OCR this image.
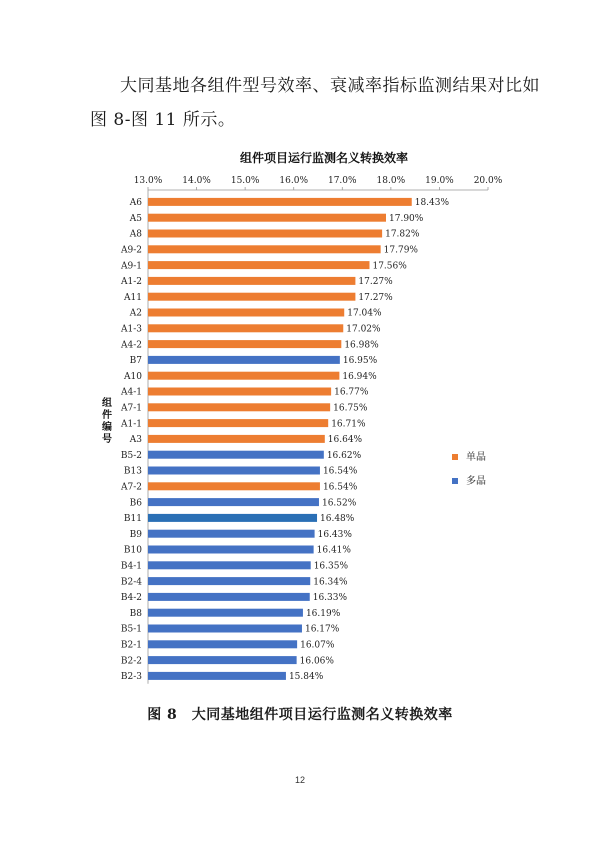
大同基地各组件型号效率、衰减率指标监测结果对比如
图 8-图 11 所示。
组件项目运行监测名义转换效率
13.0% 14.0% 15.0% 16.0% 17.0% 18.0% 19.0% 20.0%
A6	18.43%
A5	17.90%
A8	17.82%
A9-2	17.79%
A9-1	17.56%
A1-2	17.27%
A11	17.27%
A2	17.04%
A1-3	17.02%
A4-2	16.98%
B7	16.95%
A10	16.94%
A4-1	16.77%
A7-1	16.75%
A1-1	16.71%
A3	16.64%
B5-2	16.62%
B13	16.54%
A7-2	16.54%
B6	16.52%
B11	16.48%
B9	16.43%
B10	16.41%
B4-1	16.35%
B2-4	16.34%
B4-2	16.33%
B8	16.19%
B5-1	16.17%
B2-1	16.07%
B2-2	16.06%
B2-3	15.84%
组
件
编
号
单晶
多晶
图 8　大同基地组件项目运行监测名义转换效率
12
